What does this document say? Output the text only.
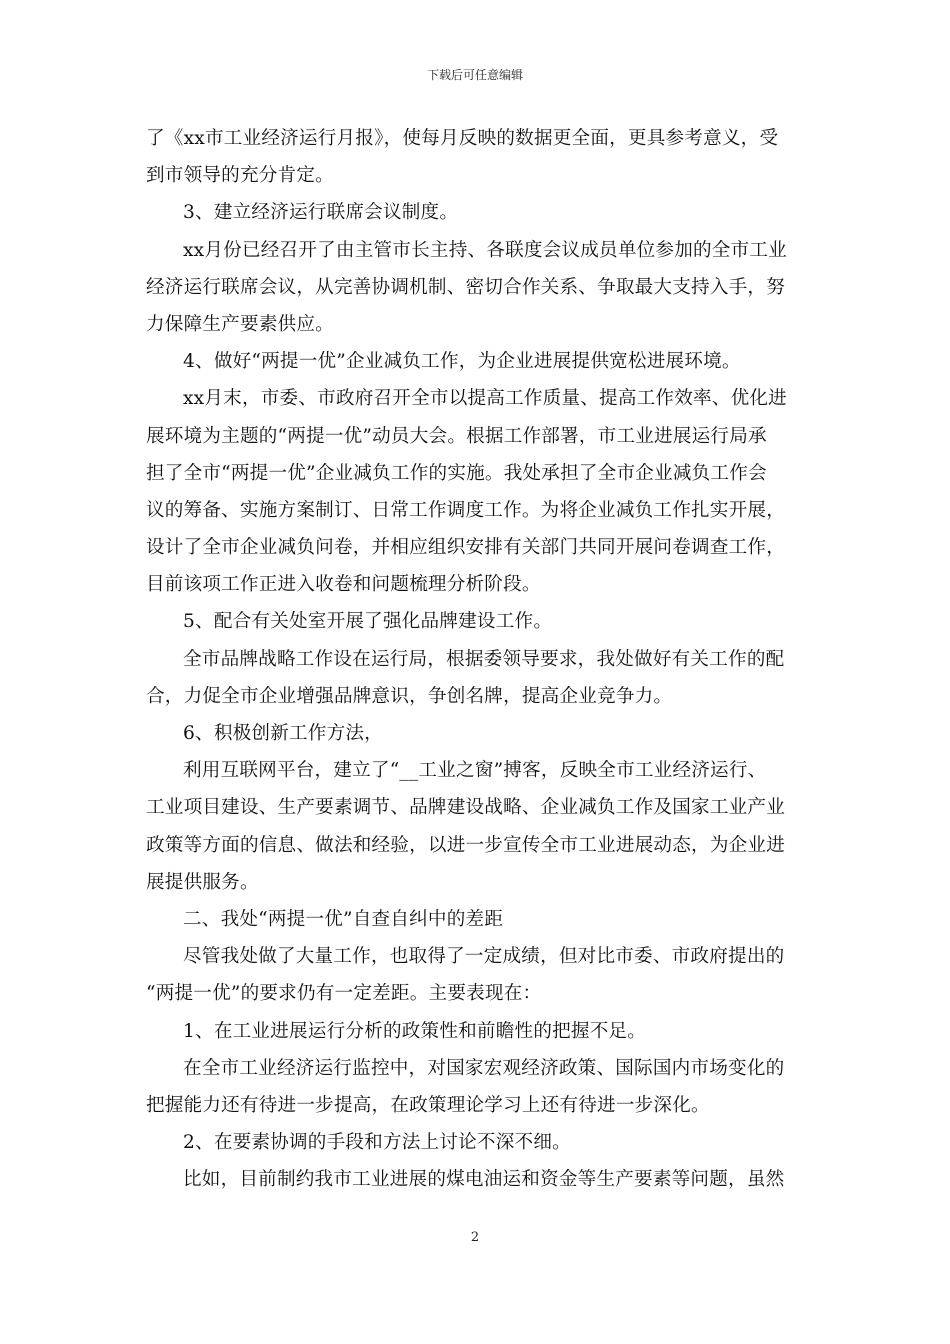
下载后可任意编辑
了《xx市工业经济运行月报》，使每月反映的数据更全面，更具参考意义，受
到市领导的充分肯定。
3、建立经济运行联席会议制度。
xx月份已经召开了由主管市长主持、各联度会议成员单位参加的全市工业
经济运行联席会议，从完善协调机制、密切合作关系、争取最大支持入手，努
力保障生产要素供应。
4、做好“两提一优”企业减负工作，为企业进展提供宽松进展环境。
xx月末，市委、市政府召开全市以提高工作质量、提高工作效率、优化进
展环境为主题的“两提一优”动员大会。根据工作部署，市工业进展运行局承
担了全市“两提一优”企业减负工作的实施。我处承担了全市企业减负工作会
议的筹备、实施方案制订、日常工作调度工作。为将企业减负工作扎实开展，
设计了全市企业减负问卷，并相应组织安排有关部门共同开展问卷调查工作，
目前该项工作正进入收卷和问题梳理分析阶段。
5、配合有关处室开展了强化品牌建设工作。
全市品牌战略工作设在运行局，根据委领导要求，我处做好有关工作的配
合，力促全市企业增强品牌意识，争创名牌，提高企业竞争力。
6、积极创新工作方法，
利用互联网平台，建立了“__工业之窗”搏客，反映全市工业经济运行、
工业项目建设、生产要素调节、品牌建设战略、企业减负工作及国家工业产业
政策等方面的信息、做法和经验，以进一步宣传全市工业进展动态，为企业进
展提供服务。
二、我处“两提一优”自查自纠中的差距
尽管我处做了大量工作，也取得了一定成绩，但对比市委、市政府提出的
“两提一优”的要求仍有一定差距。主要表现在：
1、在工业进展运行分析的政策性和前瞻性的把握不足。
在全市工业经济运行监控中，对国家宏观经济政策、国际国内市场变化的
把握能力还有待进一步提高，在政策理论学习上还有待进一步深化。
2、在要素协调的手段和方法上讨论不深不细。
比如，目前制约我市工业进展的煤电油运和资金等生产要素等问题，虽然
2
